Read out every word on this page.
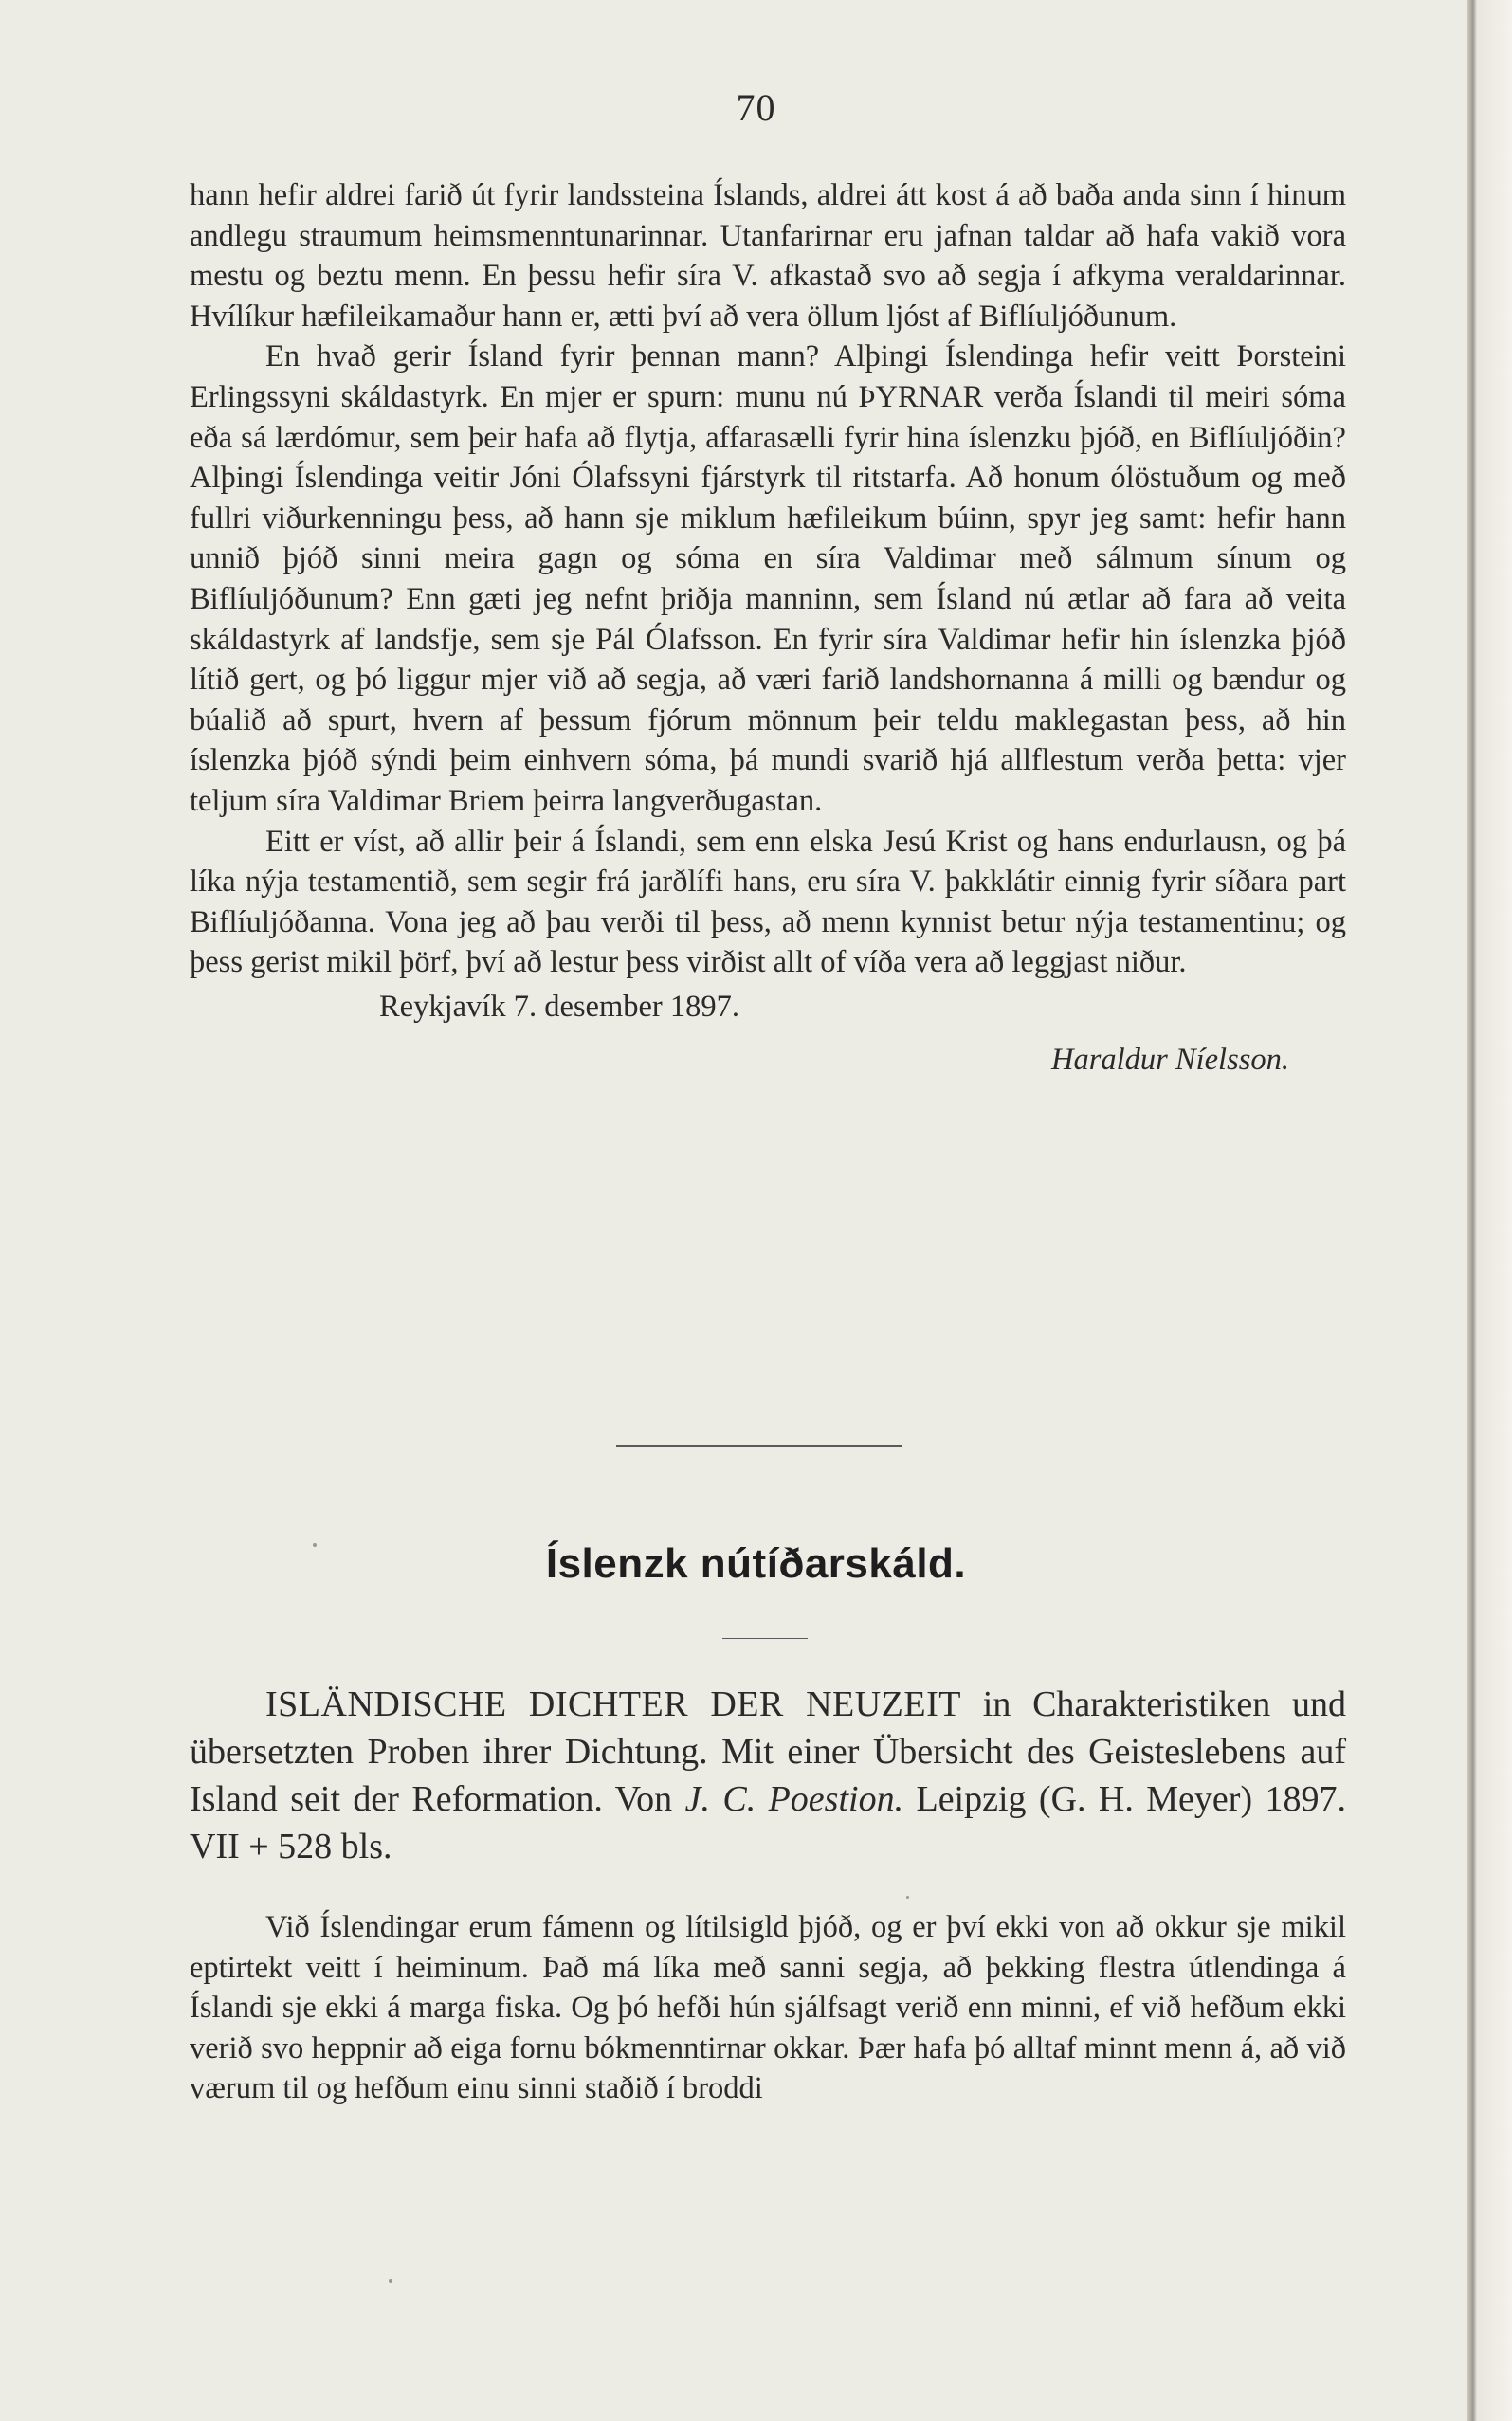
70

hann hefir aldrei farið út fyrir landssteina Íslands, aldrei átt kost á að baða anda sinn í hinum andlegu straumum heimsmenntunarinnar. Utanfarirnar eru jafnan taldar að hafa vakið vora mestu og beztu menn. En þessu hefir síra V. afkastað svo að segja í afkyma veraldarinnar. Hvílíkur hæfileikamaður hann er, ætti því að vera öllum ljóst af Biflíuljóðunum.

En hvað gerir Ísland fyrir þennan mann? Alþingi Íslendinga hefir veitt Þorsteini Erlingssyni skáldastyrk. En mjer er spurn: munu nú ÞYRNAR verða Íslandi til meiri sóma eða sá lærdómur, sem þeir hafa að flytja, affarasælli fyrir hina íslenzku þjóð, en Biflíuljóðin? Alþingi Íslendinga veitir Jóni Ólafssyni fjárstyrk til ritstarfa. Að honum ólöstuðum og með fullri viðurkenningu þess, að hann sje miklum hæfileikum búinn, spyr jeg samt: hefir hann unnið þjóð sinni meira gagn og sóma en síra Valdimar með sálmum sínum og Biflíuljóðunum? Enn gæti jeg nefnt þriðja manninn, sem Ísland nú ætlar að fara að veita skáldastyrk af landsfje, sem sje Pál Ólafsson. En fyrir síra Valdimar hefir hin íslenzka þjóð lítið gert, og þó liggur mjer við að segja, að væri farið landshornanna á milli og bændur og búalið að spurt, hvern af þessum fjórum mönnum þeir teldu maklegastan þess, að hin íslenzka þjóð sýndi þeim einhvern sóma, þá mundi svarið hjá allflestum verða þetta: vjer teljum síra Valdimar Briem þeirra langverðugastan.

Eitt er víst, að allir þeir á Íslandi, sem enn elska Jesú Krist og hans endurlausn, og þá líka nýja testamentið, sem segir frá jarðlífi hans, eru síra V. þakklátir einnig fyrir síðara part Biflíuljóðanna. Vona jeg að þau verði til þess, að menn kynnist betur nýja testamentinu; og þess gerist mikil þörf, því að lestur þess virðist allt of víða vera að leggjast niður.

Reykjavík 7. desember 1897.

Haraldur Níelsson.

Íslenzk nútíðarskáld.

ISLÄNDISCHE DICHTER DER NEUZEIT in Charakteristiken und übersetzten Proben ihrer Dichtung. Mit einer Übersicht des Geisteslebens auf Island seit der Reformation. Von J. C. Poestion. Leipzig (G. H. Meyer) 1897. VII + 528 bls.

Við Íslendingar erum fámenn og lítilsigld þjóð, og er því ekki von að okkur sje mikil eptirtekt veitt í heiminum. Það má líka með sanni segja, að þekking flestra útlendinga á Íslandi sje ekki á marga fiska. Og þó hefði hún sjálfsagt verið enn minni, ef við hefðum ekki verið svo heppnir að eiga fornu bókmenntirnar okkar. Þær hafa þó alltaf minnt menn á, að við værum til og hefðum einu sinni staðið í broddi
